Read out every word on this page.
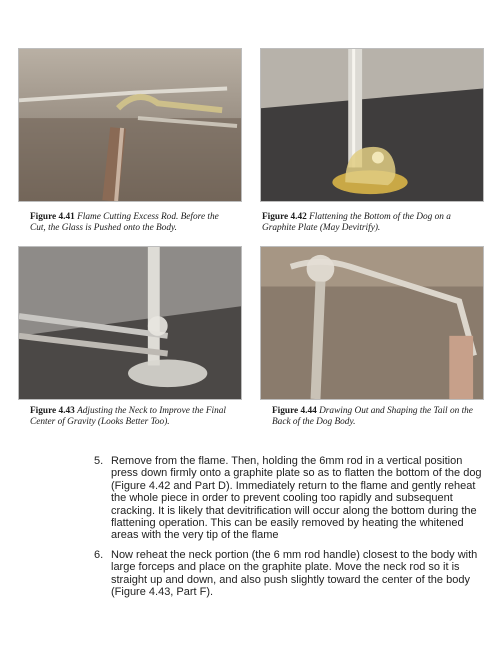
Figure 4.41 Flame Cutting Excess Rod. Before the Cut, the Glass is Pushed onto the Body.
Figure 4.42 Flattening the Bottom of the Dog on a Graphite Plate (May Devitrify).
Figure 4.43 Adjusting the Neck to Improve the Final Center of Gravity (Looks Better Too).
Figure 4.44 Drawing Out and Shaping the Tail on the Back of the Dog Body.
5. Remove from the flame. Then, holding the 6mm rod in a vertical position press down firmly onto a graphite plate so as to flatten the bottom of the dog (Figure 4.42 and Part D). Immediately return to the flame and gently reheat the whole piece in order to prevent cooling too rapidly and subsequent cracking. It is likely that devitrification will occur along the bottom during the flattening operation. This can be easily removed by heating the whitened areas with the very tip of the flame
6. Now reheat the neck portion (the 6 mm rod handle) closest to the body with large forceps and place on the graphite plate. Move the neck rod so it is straight up and down, and also push slightly toward the center of the body (Figure 4.43, Part F).
